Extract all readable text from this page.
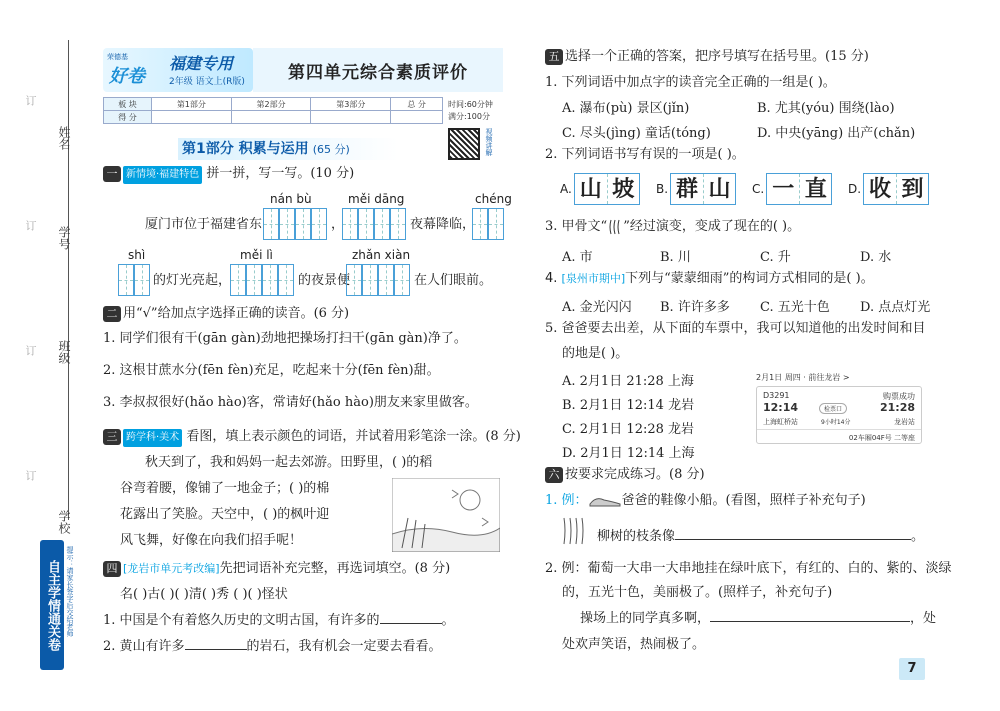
姓名
学号
班级
学校
订
订
订
订
自主学情通关卷 提示：请家长签字后交给老师
荣德基
好卷
福建专用
2年级 语文上(R版)	第四单元综合素质评价
板 块	第1部分	第2部分	第3部分	总 分
得 分				
时间:60分钟
满分:100分
视频讲解
第1部分 积累与运用 (65 分)
一 新情境·福建特色 拼一拼，写一写。(10 分)
nán bù	měi dāng	chéng
厦门市位于福建省东	，	夜幕降临，
shì	měi lì	zhǎn xiàn
的灯光亮起，	的夜景便	在人们眼前。
二 用“√”给加点字选择正确的读音。(6 分)
1. 同学们很有干(gān gàn)劲地把操场打扫干(gān gàn)净了。
2. 这根甘蔗水分(fēn fèn)充足，吃起来十分(fēn fèn)甜。
3. 李叔叔很好(hǎo hào)客，常请好(hǎo hào)朋友来家里做客。
三 跨学科·美术 看图，填上表示颜色的词语，并试着用彩笔涂一涂。(8 分)
秋天到了，我和妈妈一起去郊游。田野里，( )的稻
谷弯着腰，像铺了一地金子；( )的棉
花露出了笑脸。天空中，( )的枫叶迎
风飞舞，好像在向我们招手呢！
四 [龙岩市单元考改编]先把词语补充完整，再选词填空。(8 分)
名( )古( )( )清( )秀 ( )( )怪状
1. 中国是个有着悠久历史的文明古国，有许多的	。
2. 黄山有许多	的岩石，我有机会一定要去看看。
五 选择一个正确的答案，把序号填写在括号里。(15 分)
1. 下列词语中加点字的读音完全正确的一组是( )。
A. 瀑布(pù) 景区(jǐn)	B. 尤其(yóu) 围绕(lào)
C. 尽头(jìng) 童话(tóng)	D. 中央(yāng) 出产(chǎn)
2. 下列词语书写有误的一项是( )。
A. 山 坡	B. 群 山	C. 一 直	D. 收 到
3. 甲骨文“ ”经过演变，变成了现在的( )。
A. 市	B. 川	C. 升	D. 水
4. [泉州市期中]下列与“蒙蒙细雨”的构词方式相同的是( )。
A. 金光闪闪 B. 许许多多 C. 五光十色 D. 点点灯光
5. 爸爸要去出差，从下面的车票中，我可以知道他的出发时间和目
的地是( )。
A. 2月1日 21:28 上海
B. 2月1日 12:14 龙岩
C. 2月1日 12:28 龙岩
D. 2月1日 12:14 上海
2月1日 周四 · 前往龙岩 >
D3291	购票成功
12:14	21:28
检票口
上海虹桥站	9小时14分	龙岩站
02车厢04F号 二等座
六 按要求完成练习。(8 分)
1. 例：	爸爸的鞋像小船。(看图，照样子补充句子)
柳树的枝条像	。
2. 例：葡萄一大串一大串地挂在绿叶底下，有红的、白的、紫的、淡绿
的，五光十色，美丽极了。(照样子，补充句子)
操场上的同学真多啊，	，处
处欢声笑语，热闹极了。
7
